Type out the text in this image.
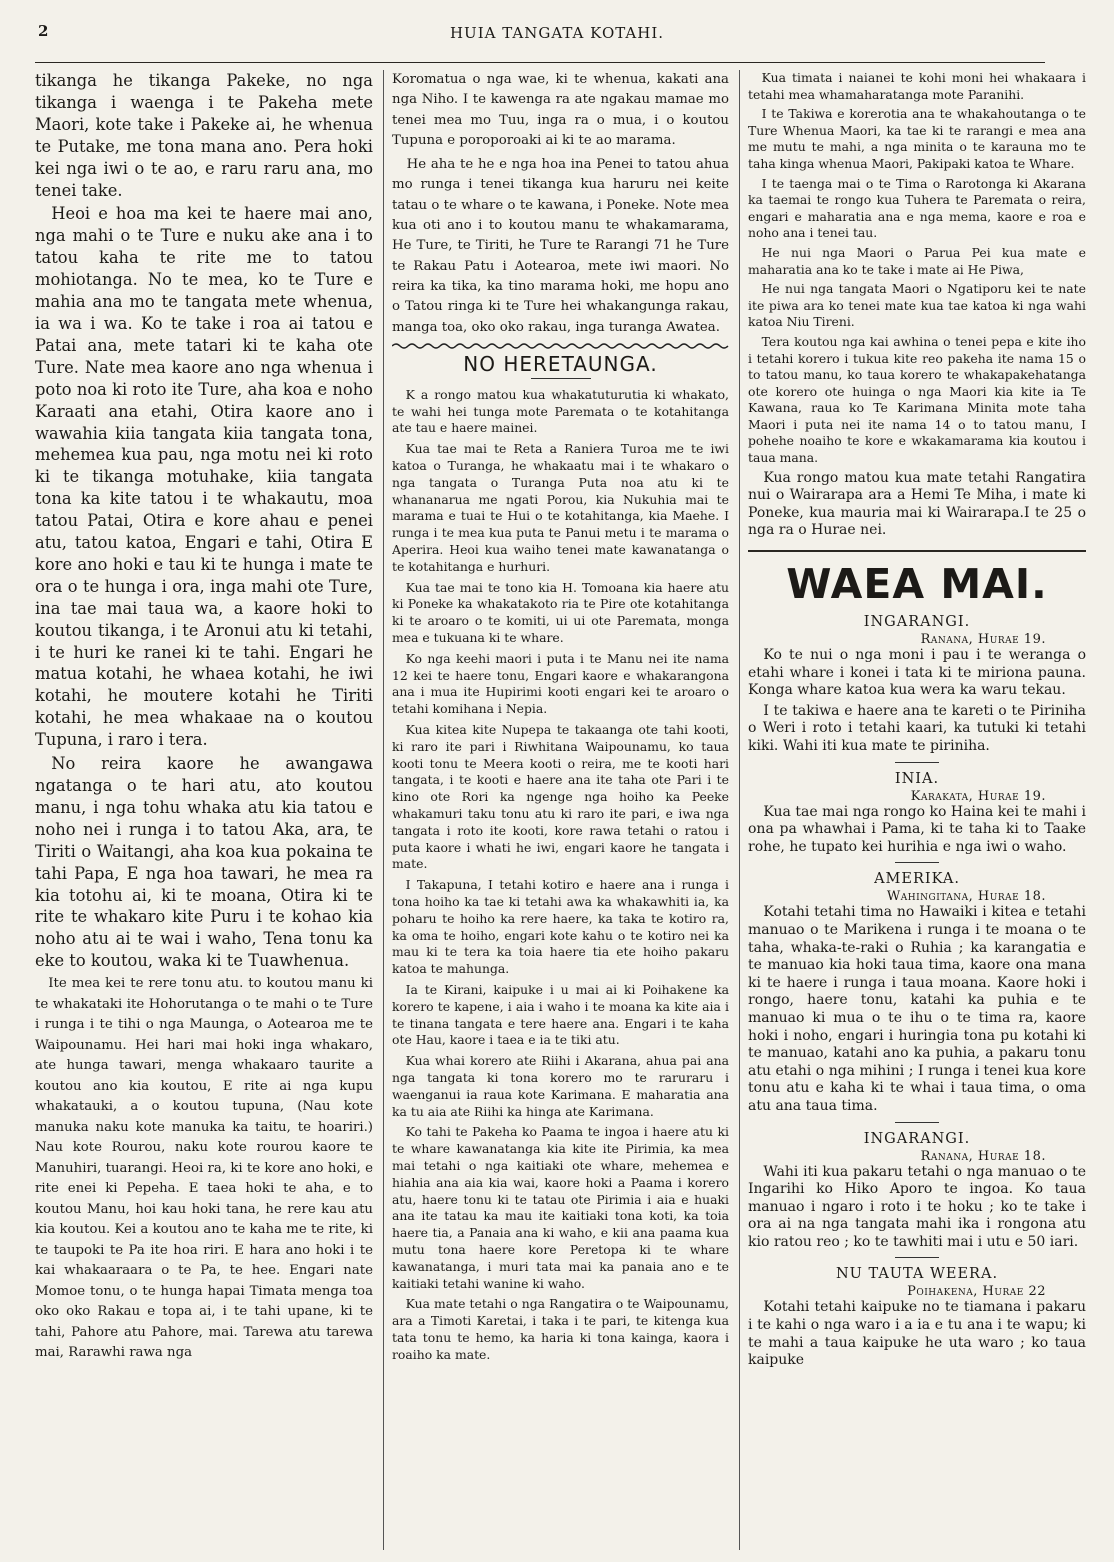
2	HUIA TANGATA KOTAHI.

tikanga he tikanga Pakeke, no nga tikanga i waenga i te Pakeha mete Maori, kote take i Pakeke ai, he whenua te Putake, me tona mana ano. Pera hoki kei nga iwi o te ao, e raru raru ana, mo tenei take.

Heoi e hoa ma kei te haere mai ano, nga mahi o te Ture e nuku ake ana i to tatou kaha te rite me to tatou mohiotanga. No te mea, ko te Ture e mahia ana mo te tangata mete whenua, ia wa i wa. Ko te take i roa ai tatou e Patai ana, mete tatari ki te kaha ote Ture. Nate mea kaore ano nga whenua i poto noa ki roto ite Ture, aha koa e noho Karaati ana etahi, Otira kaore ano i wawahia kiia tangata kiia tangata tona, mehemea kua pau, nga motu nei ki roto ki te tikanga motuhake, kiia tangata tona ka kite tatou i te whakautu, moa tatou Patai, Otira e kore ahau e penei atu, tatou katoa, Engari e tahi, Otira E kore ano hoki e tau ki te hunga i mate te ora o te hunga i ora, inga mahi ote Ture, ina tae mai taua wa, a kaore hoki to koutou tikanga, i te Aronui atu ki tetahi, i te huri ke ranei ki te tahi. Engari he matua kotahi, he whaea kotahi, he iwi kotahi, he moutere kotahi he Tiriti kotahi, he mea whakaae na o koutou Tupuna, i raro i tera.

No reira kaore he awangawa ngatanga o te hari atu, ato koutou manu, i nga tohu whaka atu kia tatou e noho nei i runga i to tatou Aka, ara, te Tiriti o Waitangi, aha koa kua pokaina te tahi Papa, E nga hoa tawari, he mea ra kia totohu ai, ki te moana, Otira ki te rite te whakaro kite Puru i te kohao kia noho atu ai te wai i waho, Tena tonu ka eke to koutou, waka ki te Tuawhenua.

Ite mea kei te rere tonu atu. to koutou manu ki te whakataki ite Hohorutanga o te mahi o te Ture i runga i te tihi o nga Maunga, o Aotearoa me te Waipounamu. Hei hari mai hoki inga whakaro, ate hunga tawari, menga whakaaro taurite a koutou ano kia koutou, E rite ai nga kupu whakatauki, a o koutou tupuna, (Nau kote manuka naku kote manuka ka taitu, te hoariri.) Nau kote Rourou, naku kote rourou kaore te Manuhiri, tuarangi. Heoi ra, ki te kore ano hoki, e rite enei ki Pepeha. E taea hoki te aha, e to koutou Manu, hoi kau hoki tana, he rere kau atu kia koutou. Kei a koutou ano te kaha me te rite, ki te taupoki te Pa ite hoa riri. E hara ano hoki i te kai whakaaraara o te Pa, te hee. Engari nate Momoe tonu, o te hunga hapai Timata menga toa oko oko Rakau e topa ai, i te tahi upane, ki te tahi, Pahore atu Pahore, mai. Tarewa atu tarewa mai, Rarawhi rawa nga

Koromatua o nga wae, ki te whenua, kakati ana nga Niho. I te kawenga ra ate ngakau mamae mo tenei mea mo Tuu, inga ra o mua, i o koutou Tupuna e poroporoaki ai ki te ao marama.

He aha te he e nga hoa ina Penei to tatou ahua mo runga i tenei tikanga kua haruru nei keite tatau o te whare o te kawana, i Poneke. Note mea kua oti ano i to koutou manu te whakamarama, He Ture, te Tiriti, he Ture te Rarangi 71 he Ture te Rakau Patu i Aotearoa, mete iwi maori. No reira ka tika, ka tino marama hoki, me hopu ano o Tatou ringa ki te Ture hei whakangunga rakau, manga toa, oko oko rakau, inga turanga Awatea.

NO HERETAUNGA.

K a rongo matou kua whakatuturutia ki whakato, te wahi hei tunga mote Paremata o te kotahitanga ate tau e haere mainei.

Kua tae mai te Reta a Raniera Turoa me te iwi katoa o Turanga, he whakaatu mai i te whakaro o nga tangata o Turanga Puta noa atu ki te whananarua me ngati Porou, kia Nukuhia mai te marama e tuai te Hui o te kotahitanga, kia Maehe. I runga i te mea kua puta te Panui metu i te marama o Aperira. Heoi kua waiho tenei mate kawanatanga o te kotahitanga e hurhuri.

Kua tae mai te tono kia H. Tomoana kia haere atu ki Poneke ka whakatakoto ria te Pire ote kotahitanga ki te aroaro o te komiti, ui ui ote Paremata, monga mea e tukuana ki te whare.

Ko nga keehi maori i puta i te Manu nei ite nama 12 kei te haere tonu, Engari kaore e whakarangona ana i mua ite Hupirimi kooti engari kei te aroaro o tetahi komihana i Nepia.

Kua kitea kite Nupepa te takaanga ote tahi kooti, ki raro ite pari i Riwhitana Waipounamu, ko taua kooti tonu te Meera kooti o reira, me te kooti hari tangata, i te kooti e haere ana ite taha ote Pari i te kino ote Rori ka ngenge nga hoiho ka Peeke whakamuri taku tonu atu ki raro ite pari, e iwa nga tangata i roto ite kooti, kore rawa tetahi o ratou i puta kaore i whati he iwi, engari kaore he tangata i mate.

I Takapuna, I tetahi kotiro e haere ana i runga i tona hoiho ka tae ki tetahi awa ka whakawhiti ia, ka poharu te hoiho ka rere haere, ka taka te kotiro ra, ka oma te hoiho, engari kote kahu o te kotiro nei ka mau ki te tera ka toia haere tia ete hoiho pakaru katoa te mahunga.

Ia te Kirani, kaipuke i u mai ai ki Poihakene ka korero te kapene, i aia i waho i te moana ka kite aia i te tinana tangata e tere haere ana. Engari i te kaha ote Hau, kaore i taea e ia te tiki atu.

Kua whai korero ate Riihi i Akarana, ahua pai ana nga tangata ki tona korero mo te raruraru i waenganui ia raua kote Karimana. E maharatia ana ka tu aia ate Riihi ka hinga ate Karimana.

Ko tahi te Pakeha ko Paama te ingoa i haere atu ki te whare kawanatanga kia kite ite Pirimia, ka mea mai tetahi o nga kaitiaki ote whare, mehemea e hiahia ana aia kia wai, kaore hoki a Paama i korero atu, haere tonu ki te tatau ote Pirimia i aia e huaki ana ite tatau ka mau ite kaitiaki tona koti, ka toia haere tia, a Panaia ana ki waho, e kii ana paama kua mutu tona haere kore Peretopa ki te whare kawanatanga, i muri tata mai ka panaia ano e te kaitiaki tetahi wanine ki waho.

Kua mate tetahi o nga Rangatira o te Waipounamu, ara a Timoti Karetai, i taka i te pari, te kitenga kua tata tonu te hemo, ka haria ki tona kainga, kaora i roaiho ka mate.

Kua timata i naianei te kohi moni hei whakaara i tetahi mea whamaharatanga mote Paranihi.

I te Takiwa e korerotia ana te whakahoutanga o te Ture Whenua Maori, ka tae ki te rarangi e mea ana me mutu te mahi, a nga minita o te karauna mo te taha kinga whenua Maori, Pakipaki katoa te Whare.

I te taenga mai o te Tima o Rarotonga ki Akarana ka taemai te rongo kua Tuhera te Paremata o reira, engari e maharatia ana e nga mema, kaore e roa e noho ana i tenei tau.

He nui nga Maori o Parua Pei kua mate e maharatia ana ko te take i mate ai He Piwa,

He nui nga tangata Maori o Ngatiporu kei te nate ite piwa ara ko tenei mate kua tae katoa ki nga wahi katoa Niu Tireni.

Tera koutou nga kai awhina o tenei pepa e kite iho i tetahi korero i tukua kite reo pakeha ite nama 15 o to tatou manu, ko taua korero te whakapakehatanga ote korero ote huinga o nga Maori kia kite ia Te Kawana, raua ko Te Karimana Minita mote taha Maori i puta nei ite nama 14 o to tatou manu, I pohehe noaiho te kore e wkakamarama kia koutou i taua mana.

Kua rongo matou kua mate tetahi Rangatira nui o Wairarapa ara a Hemi Te Miha, i mate ki Poneke, kua mauria mai ki Wairarapa.I te 25 o nga ra o Hurae nei.

WAEA MAI.
INGARANGI.
Ranana, Hurae 19.

Ko te nui o nga moni i pau i te weranga o etahi whare i konei i tata ki te miriona pauna. Konga whare katoa kua wera ka waru tekau.

I te takiwa e haere ana te kareti o te Piriniha o Weri i roto i tetahi kaari, ka tutuki ki tetahi kiki. Wahi iti kua mate te piriniha.

INIA.
Karakata, Hurae 19.

Kua tae mai nga rongo ko Haina kei te mahi i ona pa whawhai i Pama, ki te taha ki to Taake rohe, he tupato kei hurihia e nga iwi o waho.

AMERIKA.
Wahingitana, Hurae 18.

Kotahi tetahi tima no Hawaiki i kitea e tetahi manuao o te Marikena i runga i te moana o te taha, whaka-te-raki o Ruhia ; ka karangatia e te manuao kia hoki taua tima, kaore ona mana ki te haere i runga i taua moana. Kaore hoki i rongo, haere tonu, katahi ka puhia e te manuao ki mua o te ihu o te tima ra, kaore hoki i noho, engari i huringia tona pu kotahi ki te manuao, katahi ano ka puhia, a pakaru tonu atu etahi o nga mihini ; I runga i tenei kua kore tonu atu e kaha ki te whai i taua tima, o oma atu ana taua tima.

INGARANGI.
Ranana, Hurae 18.

Wahi iti kua pakaru tetahi o nga manuao o te Ingarihi ko Hiko Aporo te ingoa. Ko taua manuao i ngaro i roto i te hoku ; ko te take i ora ai na nga tangata mahi ika i rongona atu kio ratou reo ; ko te tawhiti mai i utu e 50 iari.

NU TAUTA WEERA.
Poihakena, Hurae 22

Kotahi tetahi kaipuke no te tiamana i pakaru i te kahi o nga waro i a ia e tu ana i te wapu; ki te mahi a taua kaipuke he uta waro ; ko taua kaipuke
